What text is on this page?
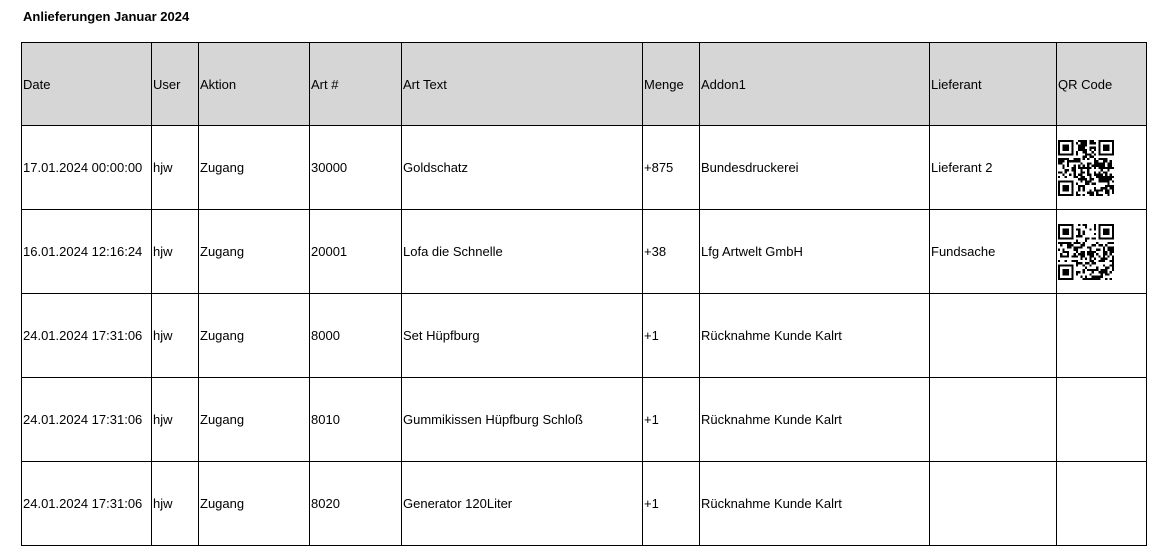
Anlieferungen Januar 2024
Date	User	Aktion	Art #	Art Text	Menge	Addon1	Lieferant	QR Code
17.01.2024 00:00:00	hjw	Zugang	30000	Goldschatz	+875	Bundesdruckerei	Lieferant 2	
16.01.2024 12:16:24	hjw	Zugang	20001	Lofa die Schnelle	+38	Lfg Artwelt GmbH	Fundsache	
24.01.2024 17:31:06	hjw	Zugang	8000	Set Hüpfburg	+1	Rücknahme Kunde Kalrt		
24.01.2024 17:31:06	hjw	Zugang	8010	Gummikissen Hüpfburg Schloß	+1	Rücknahme Kunde Kalrt		
24.01.2024 17:31:06	hjw	Zugang	8020	Generator 120Liter	+1	Rücknahme Kunde Kalrt		
